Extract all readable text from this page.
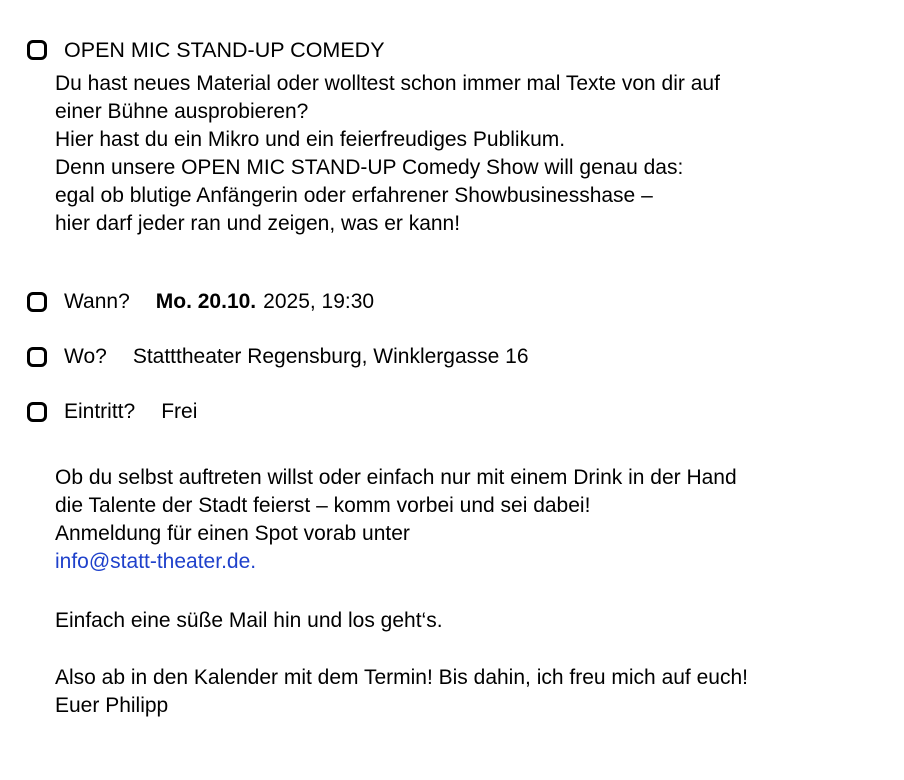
OPEN MIC STAND-UP COMEDY
Du hast neues Material oder wolltest schon immer mal Texte von dir auf
einer Bühne ausprobieren?
Hier hast du ein Mikro und ein feierfreudiges Publikum.
Denn unsere OPEN MIC STAND-UP Comedy Show will genau das:
egal ob blutige Anfängerin oder erfahrener Showbusinesshase –
hier darf jeder ran und zeigen, was er kann!
Wann? Mo. 20.10. 2025, 19:30
Wo? Statttheater Regensburg, Winklergasse 16
Eintritt? Frei
Ob du selbst auftreten willst oder einfach nur mit einem Drink in der Hand
die Talente der Stadt feierst – komm vorbei und sei dabei!
Anmeldung für einen Spot vorab unter
info@statt-theater.de.
Einfach eine süße Mail hin und los geht‘s.
Also ab in den Kalender mit dem Termin! Bis dahin, ich freu mich auf euch!
Euer Philipp
